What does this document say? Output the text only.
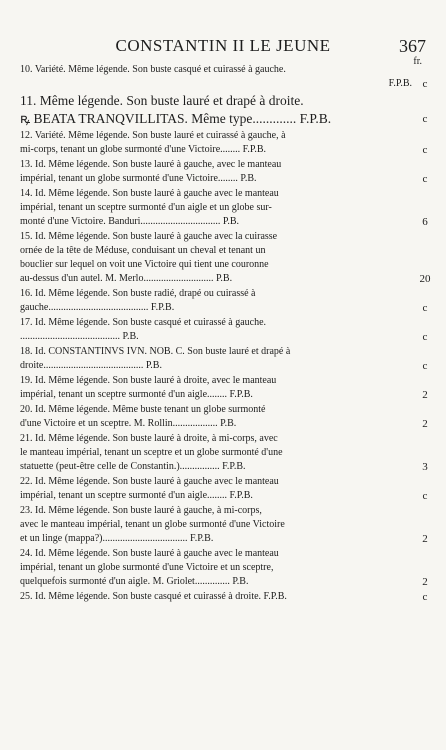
CONSTANTIN II LE JEUNE	367
fr.
10. Variété. Même légende. Son buste casqué et cuirassé à gauche.
F.P.B. c
11. Même légende. Son buste lauré et drapé à droite.
ꝶ BEATA TRANQVILLITAS. Même type............. F.P.B.	c
12. Variété. Même légende. Son buste lauré et cuirassé à gauche, à
mi-corps, tenant un globe surmonté d'une Victoire........ F.P.B.	c
13. Id. Même légende. Son buste lauré à gauche, avec le manteau
impérial, tenant un globe surmonté d'une Victoire........ P.B.	c
14. Id. Même légende. Son buste lauré à gauche avec le manteau
impérial, tenant un sceptre surmonté d'un aigle et un globe sur-
monté d'une Victoire. Banduri................................ P.B.	6
15. Id. Même légende. Son buste lauré à gauche avec la cuirasse
ornée de la tête de Méduse, conduisant un cheval et tenant un
bouclier sur lequel on voit une Victoire qui tient une couronne
au-dessus d'un autel. M. Merlo............................ P.B.	20
16. Id. Même légende. Son buste radié, drapé ou cuirassé à
gauche........................................ F.P.B.	c
17. Id. Même légende. Son buste casqué et cuirassé à gauche.
........................................ P.B.	c
18. Id. CONSTANTINVS IVN. NOB. C. Son buste lauré et drapé à
droite........................................ P.B.	c
19. Id. Même légende. Son buste lauré à droite, avec le manteau
impérial, tenant un sceptre surmonté d'un aigle........ F.P.B.	2
20. Id. Même légende. Même buste tenant un globe surmonté
d'une Victoire et un sceptre. M. Rollin.................. P.B.	2
21. Id. Même légende. Son buste lauré à droite, à mi-corps, avec
le manteau impérial, tenant un sceptre et un globe surmonté d'une
statuette (peut-être celle de Constantin.)................ F.P.B.	3
22. Id. Même légende. Son buste lauré à gauche avec le manteau
impérial, tenant un sceptre surmonté d'un aigle........ F.P.B.	c
23. Id. Même légende. Son buste lauré à gauche, à mi-corps,
avec le manteau impérial, tenant un globe surmonté d'une Victoire
et un linge (mappa?).................................. F.P.B.	2
24. Id. Même légende. Son buste lauré à gauche avec le manteau
impérial, tenant un globe surmonté d'une Victoire et un sceptre,
quelquefois surmonté d'un aigle. M. Griolet.............. P.B.	2
25. Id. Même légende. Son buste casqué et cuirassé à droite. F.P.B.	c
